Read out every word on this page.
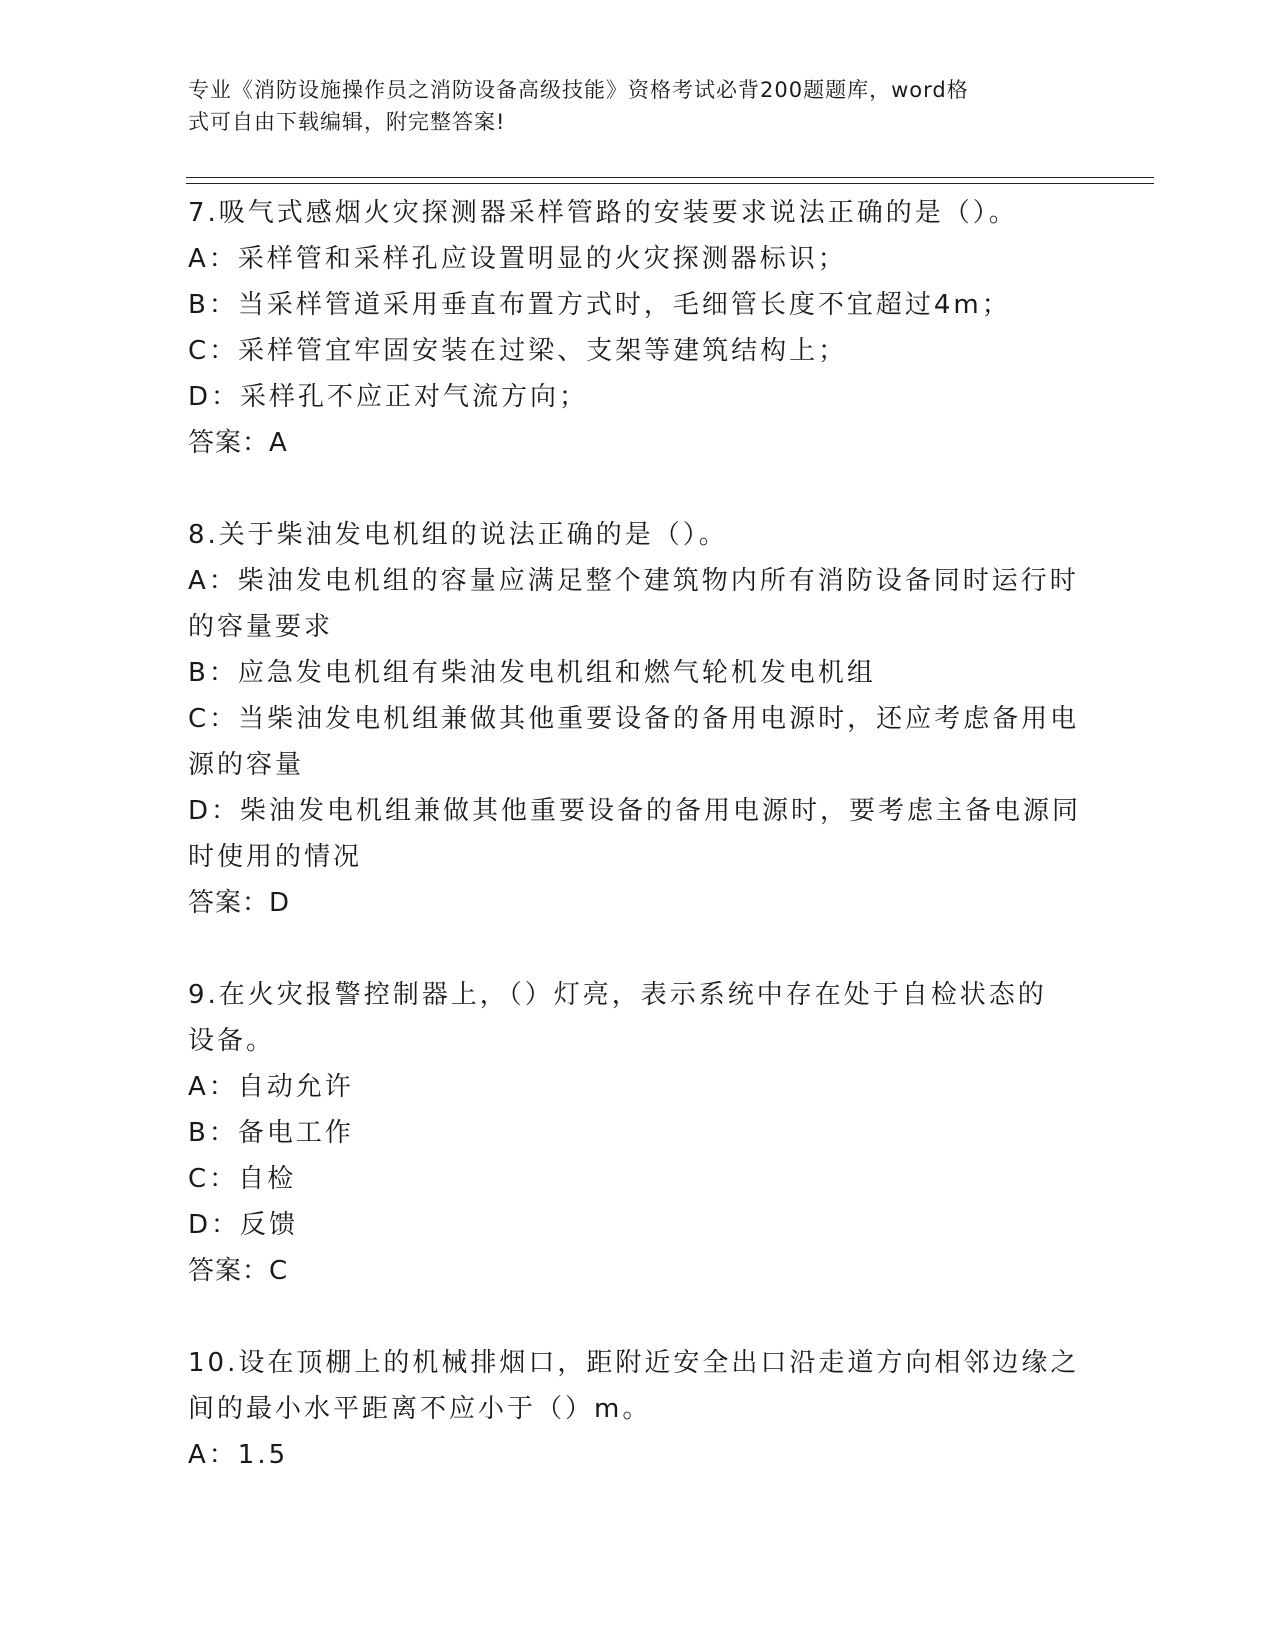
专业《消防设施操作员之消防设备高级技能》资格考试必背200题题库，word格
式可自由下载编辑，附完整答案!

7.吸气式感烟火灾探测器采样管路的安装要求说法正确的是（）。

A：采样管和采样孔应设置明显的火灾探测器标识；

B：当采样管道采用垂直布置方式时，毛细管长度不宜超过4m；

C：采样管宜牢固安装在过梁、支架等建筑结构上；

D：采样孔不应正对气流方向；

答案：A

8.关于柴油发电机组的说法正确的是（）。

A：柴油发电机组的容量应满足整个建筑物内所有消防设备同时运行时

的容量要求

B：应急发电机组有柴油发电机组和燃气轮机发电机组

C：当柴油发电机组兼做其他重要设备的备用电源时，还应考虑备用电

源的容量

D：柴油发电机组兼做其他重要设备的备用电源时，要考虑主备电源同

时使用的情况

答案：D

9.在火灾报警控制器上，（）灯亮，表示系统中存在处于自检状态的

设备。

A：自动允许

B：备电工作

C：自检

D：反馈

答案：C

10.设在顶棚上的机械排烟口，距附近安全出口沿走道方向相邻边缘之

间的最小水平距离不应小于（）m。

A：1.5
